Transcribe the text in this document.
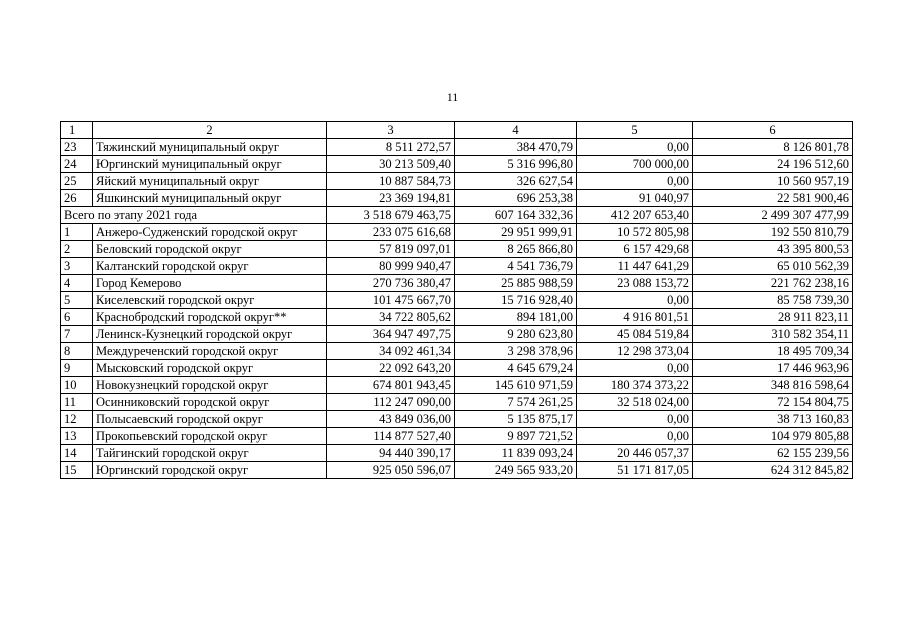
11
1	2	3	4	5	6
23	Тяжинский муниципальный округ	8 511 272,57	384 470,79	0,00	8 126 801,78
24	Юргинский муниципальный округ	30 213 509,40	5 316 996,80	700 000,00	24 196 512,60
25	Яйский муниципальный округ	10 887 584,73	326 627,54	0,00	10 560 957,19
26	Яшкинский муниципальный округ	23 369 194,81	696 253,38	91 040,97	22 581 900,46
Всего по этапу 2021 года		3 518 679 463,75	607 164 332,36	412 207 653,40	2 499 307 477,99
1	Анжеро-Судженский городской округ	233 075 616,68	29 951 999,91	10 572 805,98	192 550 810,79
2	Беловский городской округ	57 819 097,01	8 265 866,80	6 157 429,68	43 395 800,53
3	Калтанский городской округ	80 999 940,47	4 541 736,79	11 447 641,29	65 010 562,39
4	Город Кемерово	270 736 380,47	25 885 988,59	23 088 153,72	221 762 238,16
5	Киселевский городской округ	101 475 667,70	15 716 928,40	0,00	85 758 739,30
6	Краснобродский городской округ**	34 722 805,62	894 181,00	4 916 801,51	28 911 823,11
7	Ленинск-Кузнецкий городской округ	364 947 497,75	9 280 623,80	45 084 519,84	310 582 354,11
8	Междуреченский городской округ	34 092 461,34	3 298 378,96	12 298 373,04	18 495 709,34
9	Мысковский городской округ	22 092 643,20	4 645 679,24	0,00	17 446 963,96
10	Новокузнецкий городской округ	674 801 943,45	145 610 971,59	180 374 373,22	348 816 598,64
11	Осинниковский городской округ	112 247 090,00	7 574 261,25	32 518 024,00	72 154 804,75
12	Полысаевский городской округ	43 849 036,00	5 135 875,17	0,00	38 713 160,83
13	Прокопьевский городской округ	114 877 527,40	9 897 721,52	0,00	104 979 805,88
14	Тайгинский городской округ	94 440 390,17	11 839 093,24	20 446 057,37	62 155 239,56
15	Юргинский городской округ	925 050 596,07	249 565 933,20	51 171 817,05	624 312 845,82
